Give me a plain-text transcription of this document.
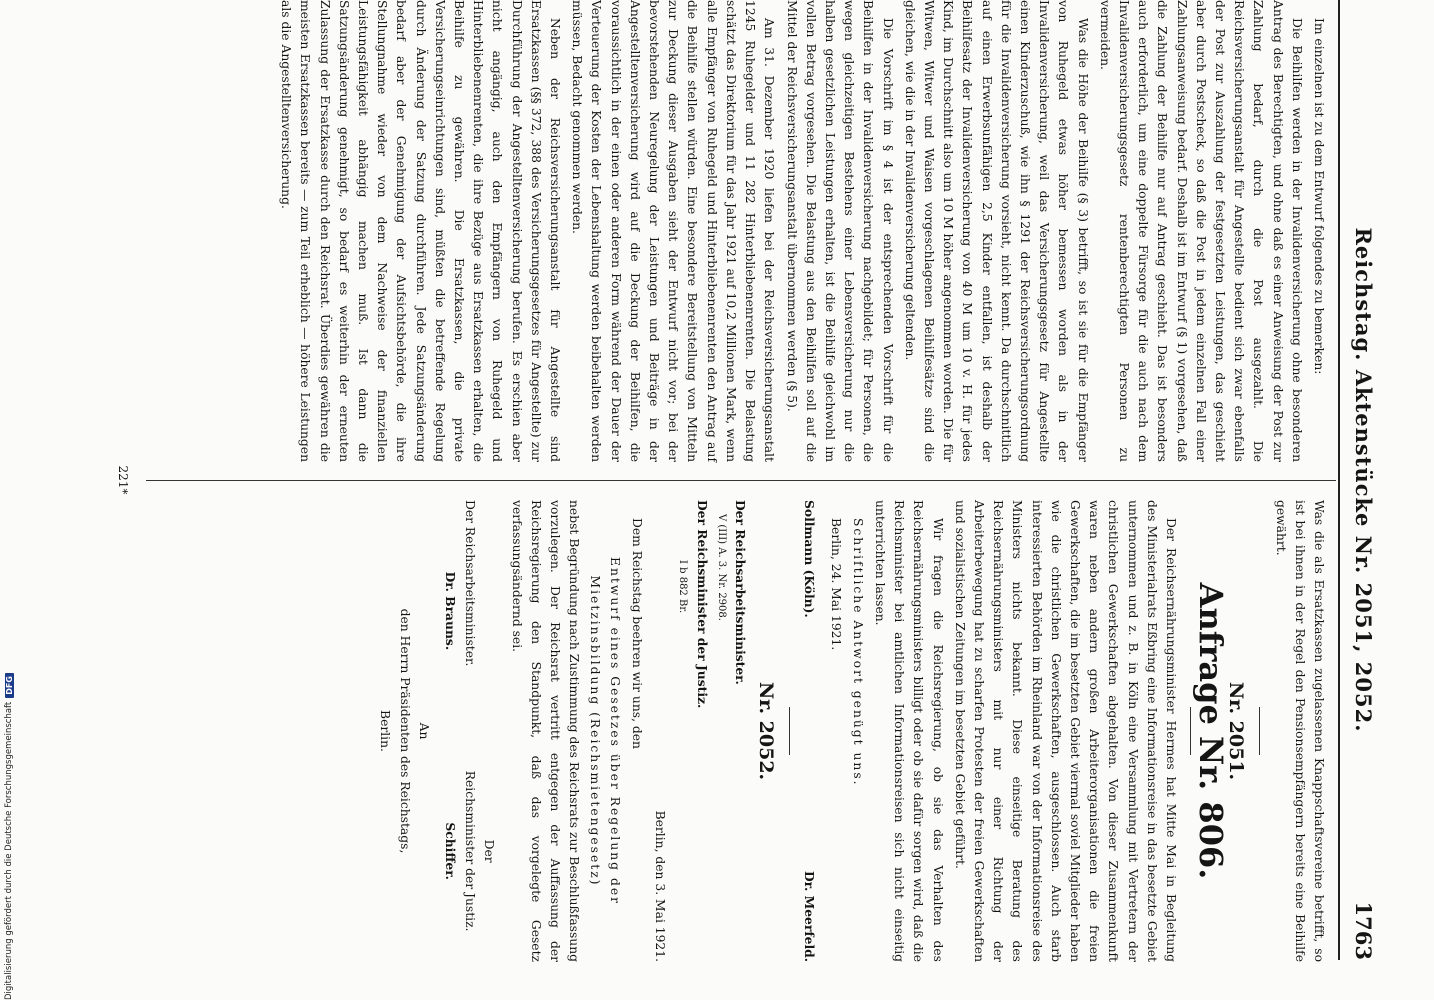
Reichstag. Aktenstücke Nr. 2051, 2052.
1763

Im einzelnen ist zu dem Entwurf folgendes zu bemerken:

Die Beihilfen werden in der Invalidenversicherung ohne besonderen Antrag des Berechtigten, und ohne daß es einer Anweisung der Post zur Zahlung bedarf, durch die Post ausgezahlt. Die Reichsversicherungsanstalt für Angestellte bedient sich zwar ebenfalls der Post zur Auszahlung der festgesetzten Leistungen, das geschieht aber durch Postscheck, so daß die Post in jedem einzelnen Fall einer Zahlungsanweisung bedarf. Deshalb ist im Entwurf (§ 1) vorgesehen, daß die Zahlung der Beihilfe nur auf Antrag geschieht. Das ist besonders auch erforderlich, um eine doppelte Fürsorge für die auch nach dem Invalidenversicherungsgesetz rentenberechtigten Personen zu vermeiden.

Was die Höhe der Beihilfe (§ 3) betrifft, so ist sie für die Empfänger von Ruhegeld etwas höher bemessen worden als in der Invalidenversicherung, weil das Versicherungsgesetz für Angestellte einen Kinderzuschuß, wie ihn § 1291 der Reichsversicherungsordnung für die Invalidenversicherung vorsieht, nicht kennt. Da durchschnittlich auf einen Erwerbsunfähigen 2,5 Kinder entfallen, ist deshalb der Beihilfesatz der Invalidenversicherung von 40 M um 10 v. H. für jedes Kind, im Durchschnitt also um 10 M höher angenommen worden. Die für Witwen, Witwer und Waisen vorgeschlagenen Beihilfesätze sind die gleichen, wie die in der Invalidenversicherung geltenden.

Die Vorschrift im § 4 ist der entsprechenden Vorschrift für die Beihilfen in der Invalidenversicherung nachgebildet; für Personen, die wegen gleichzeitigen Bestehens einer Lebensversicherung nur die halben gesetzlichen Leistungen erhalten, ist die Beihilfe gleichwohl im vollen Betrag vorgesehen. Die Belastung aus den Beihilfen soll auf die Mittel der Reichsversicherungsanstalt übernommen werden (§ 5).

Am 31. Dezember 1920 liefen bei der Reichsversicherungsanstalt 1245 Ruhegelder und 11 282 Hinterbliebenenrenten. Die Belastung schätzt das Direktorium für das Jahr 1921 auf 10,2 Millionen Mark, wenn alle Empfänger von Ruhegeld und Hinterbliebenenrenten den Antrag auf die Beihilfe stellen würden. Eine besondere Bereitstellung von Mitteln zur Deckung dieser Ausgaben sieht der Entwurf nicht vor; bei der bevorstehenden Neuregelung der Leistungen und Beiträge in der Angestelltenversicherung wird auf die Deckung der Beihilfen, die voraussichtlich in der einen oder anderen Form während der Dauer der Verteuerung der Kosten der Lebenshaltung werden beibehalten werden müssen, Bedacht genommen werden.

Neben der Reichsversicherungsanstalt für Angestellte sind Ersatzkassen (§§ 372, 388 des Versicherungsgesetzes für Angestellte) zur Durchführung der Angestelltenversicherung berufen. Es erschien aber nicht angängig, auch den Empfängern von Ruhegeld und Hinterbliebenenrenten, die ihre Bezüge aus Ersatzkassen erhalten, die Beihilfe zu gewähren. Die Ersatzkassen, die private Versicherungseinrichtungen sind, müßten die betreffende Regelung durch Änderung der Satzung durchführen. Jede Satzungsänderung bedarf aber der Genehmigung der Aufsichtsbehörde, die ihre Stellungnahme wieder von dem Nachweise der finanziellen Leistungsfähigkeit abhängig machen muß. Ist dann die Satzungsänderung genehmigt, so bedarf es weiterhin der erneuten Zulassung der Ersatzkasse durch den Reichsrat. Überdies gewähren die meisten Ersatzkassen bereits — zum Teil erheblich — höhere Leistungen als die Angestelltenversicherung.

Was die als Ersatzkassen zugelassenen Knappschaftsvereine betrifft, so ist bei ihnen in der Regel den Pensionsempfängern bereits eine Beihilfe gewährt.

Nr. 2051.
Anfrage Nr. 806.

Der Reichsernährungsminister Hermes hat Mitte Mai in Begleitung des Ministerialrats Eßbring eine Informationsreise in das besetzte Gebiet unternommen und z. B. in Köln eine Versammlung mit Vertretern der christlichen Gewerkschaften abgehalten. Von dieser Zusammenkunft waren neben andern großen Arbeiterorganisationen die freien Gewerkschaften, die im besetzten Gebiet viermal soviel Mitglieder haben wie die christlichen Gewerkschaften, ausgeschlossen. Auch starb interessierten Behörden im Rheinland war von der Informationsreise des Ministers nichts bekannt. Diese einseitige Beratung des Reichsernährungsministers mit nur einer Richtung der Arbeiterbewegung hat zu scharfen Protesten der freien Gewerkschaften und sozialistischen Zeitungen im besetzten Gebiet geführt.

Wir fragen die Reichsregierung, ob sie das Verhalten des Reichsernährungsministers billigt oder ob sie dafür sorgen wird, daß die Reichsminister bei amtlichen Informationsreisen sich nicht einseitig unterrichten lassen.

Schriftliche Antwort genügt uns.

Berlin, 24. Mai 1921.

Sollmann (Köln).
Dr. Meerfeld.
Nr. 2052.
Der Reichsarbeitsminister.
V (III) A. 3. Nr. 2908.
Der Reichsminister der Justiz.
I b 882 Br.
Berlin, den 3. Mai 1921.

Dem Reichstag beehren wir uns, den

Entwurf eines Gesetzes über Regelung der Mietzinsbildung (Reichsmietengesetz)

nebst Begründung nach Zustimmung des Reichsrats zur Beschlußfassung vorzulegen. Der Reichsrat vertritt entgegen der Auffassung der Reichsregierung den Standpunkt, daß das vorgelegte Gesetz verfassungsändernd sei.

Der Reichsarbeitsminister.
Dr. Brauns.
Der
Reichsminister der Justiz.
Schiffer.
An
den Herrn Präsidenten des Reichstags,
Berlin.
221*
Digitalisierung gefördert durch die Deutsche Forschungsgemeinschaft
DFG
